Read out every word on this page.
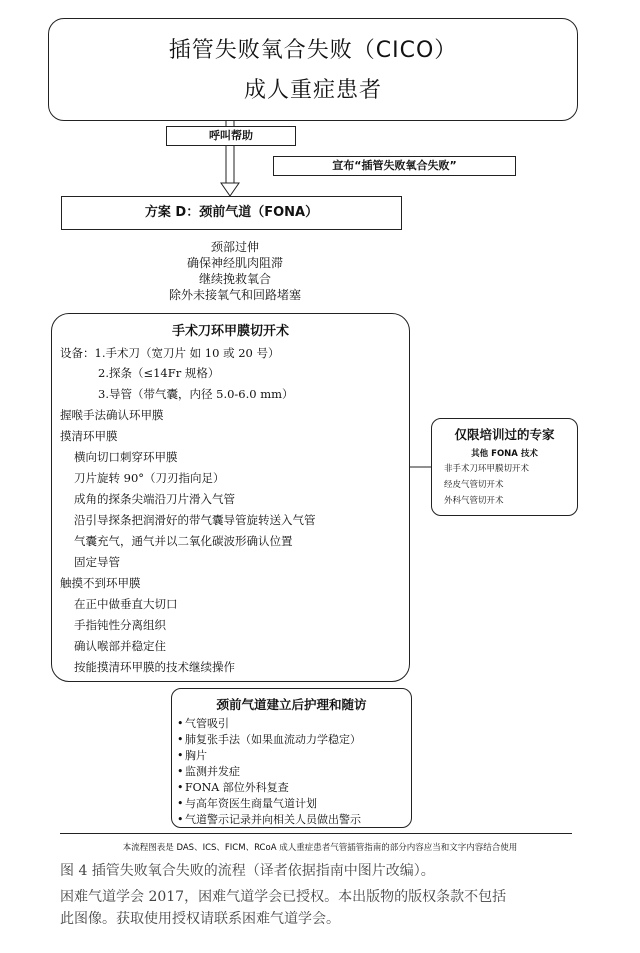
插管失败氧合失败（CICO）
成人重症患者
呼叫帮助
宣布“插管失败氧合失败”
方案 D：颈前气道（FONA）
颈部过伸
确保神经肌肉阻滞
继续挽救氧合
除外未接氧气和回路堵塞
手术刀环甲膜切开术
设备：1.手术刀（宽刀片 如 10 或 20 号）
2.探条（≤14Fr 规格）
3.导管（带气囊，内径 5.0-6.0 mm）
握喉手法确认环甲膜
摸清环甲膜
横向切口刺穿环甲膜
刀片旋转 90°（刀刃指向足）
成角的探条尖端沿刀片滑入气管
沿引导探条把润滑好的带气囊导管旋转送入气管
气囊充气，通气并以二氧化碳波形确认位置
固定导管
触摸不到环甲膜
在正中做垂直大切口
手指钝性分离组织
确认喉部并稳定住
按能摸清环甲膜的技术继续操作
仅限培训过的专家
其他 FONA 技术
非手术刀环甲膜切开术
经皮气管切开术
外科气管切开术
颈前气道建立后护理和随访
• 气管吸引
• 肺复张手法（如果血流动力学稳定）
• 胸片
• 监测并发症
• FONA 部位外科复查
• 与高年资医生商量气道计划
• 气道警示记录并向相关人员做出警示
本流程图表是 DAS、ICS、FICM、RCoA 成人重症患者气管插管指南的部分内容应当和文字内容结合使用
图 4 插管失败氧合失败的流程（译者依据指南中图片改编）。
困难气道学会 2017，困难气道学会已授权。本出版物的版权条款不包括
此图像。获取使用授权请联系困难气道学会。
